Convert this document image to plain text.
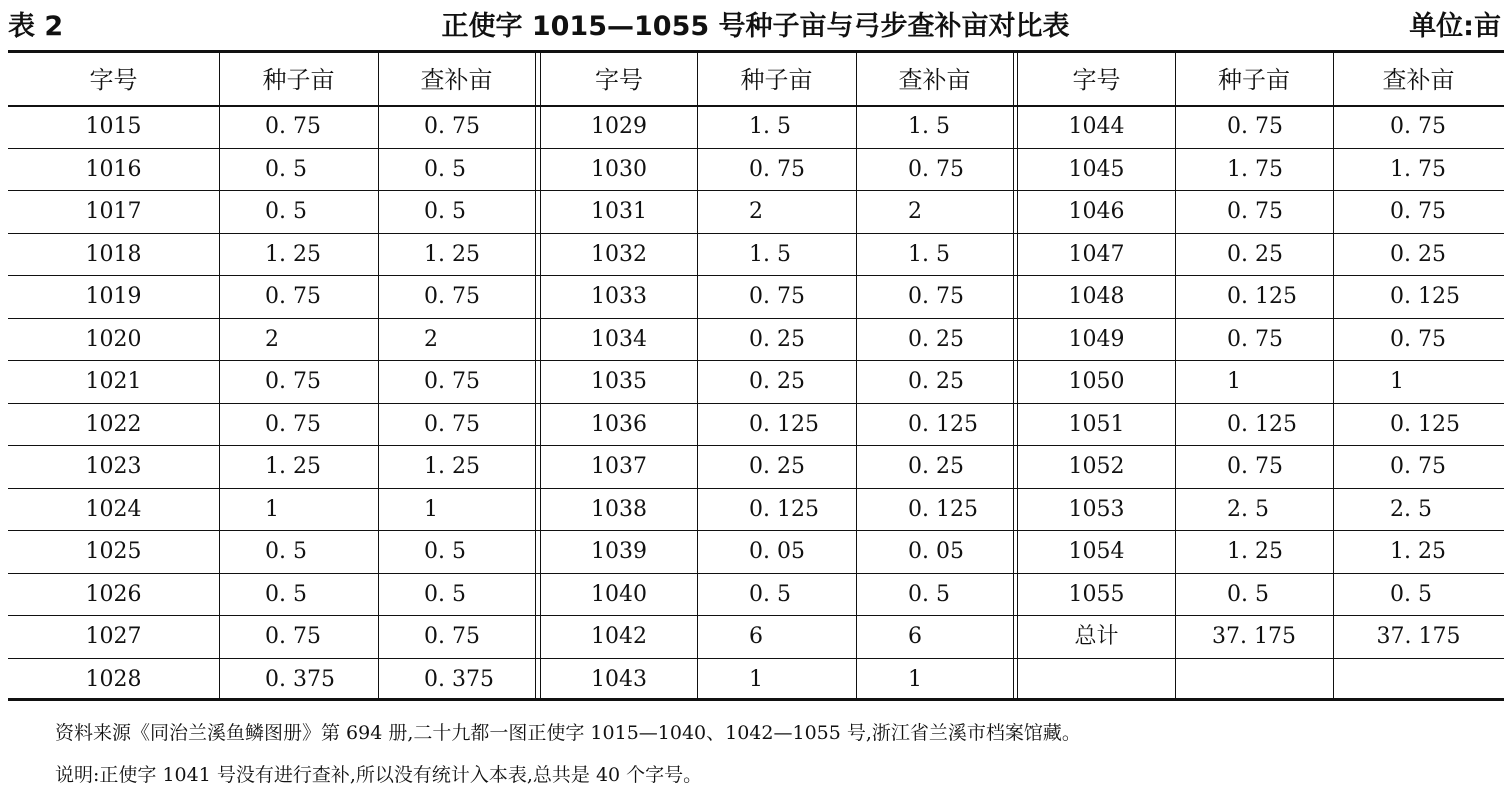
表 2	正使字 1015—1055 号种子亩与弓步查补亩对比表	单位:亩
字号	种子亩	查补亩
1015	0. 75	0. 75
1016	0. 5	0. 5
1017	0. 5	0. 5
1018	1. 25	1. 25
1019	0. 75	0. 75
1020	2	2
1021	0. 75	0. 75
1022	0. 75	0. 75
1023	1. 25	1. 25
1024	1	1
1025	0. 5	0. 5
1026	0. 5	0. 5
1027	0. 75	0. 75
1028	0. 375	0. 375
字号	种子亩	查补亩
1029	1. 5	1. 5
1030	0. 75	0. 75
1031	2	2
1032	1. 5	1. 5
1033	0. 75	0. 75
1034	0. 25	0. 25
1035	0. 25	0. 25
1036	0. 125	0. 125
1037	0. 25	0. 25
1038	0. 125	0. 125
1039	0. 05	0. 05
1040	0. 5	0. 5
1042	6	6
1043	1	1
字号	种子亩	查补亩
1044	0. 75	0. 75
1045	1. 75	1. 75
1046	0. 75	0. 75
1047	0. 25	0. 25
1048	0. 125	0. 125
1049	0. 75	0. 75
1050	1	1
1051	0. 125	0. 125
1052	0. 75	0. 75
1053	2. 5	2. 5
1054	1. 25	1. 25
1055	0. 5	0. 5
总计	37. 175	37. 175
资料来源《同治兰溪鱼鳞图册》第 694 册,二十九都一图正使字 1015—1040、1042—1055 号,浙江省兰溪市档案馆藏。
说明:正使字 1041 号没有进行查补,所以没有统计入本表,总共是 40 个字号。
